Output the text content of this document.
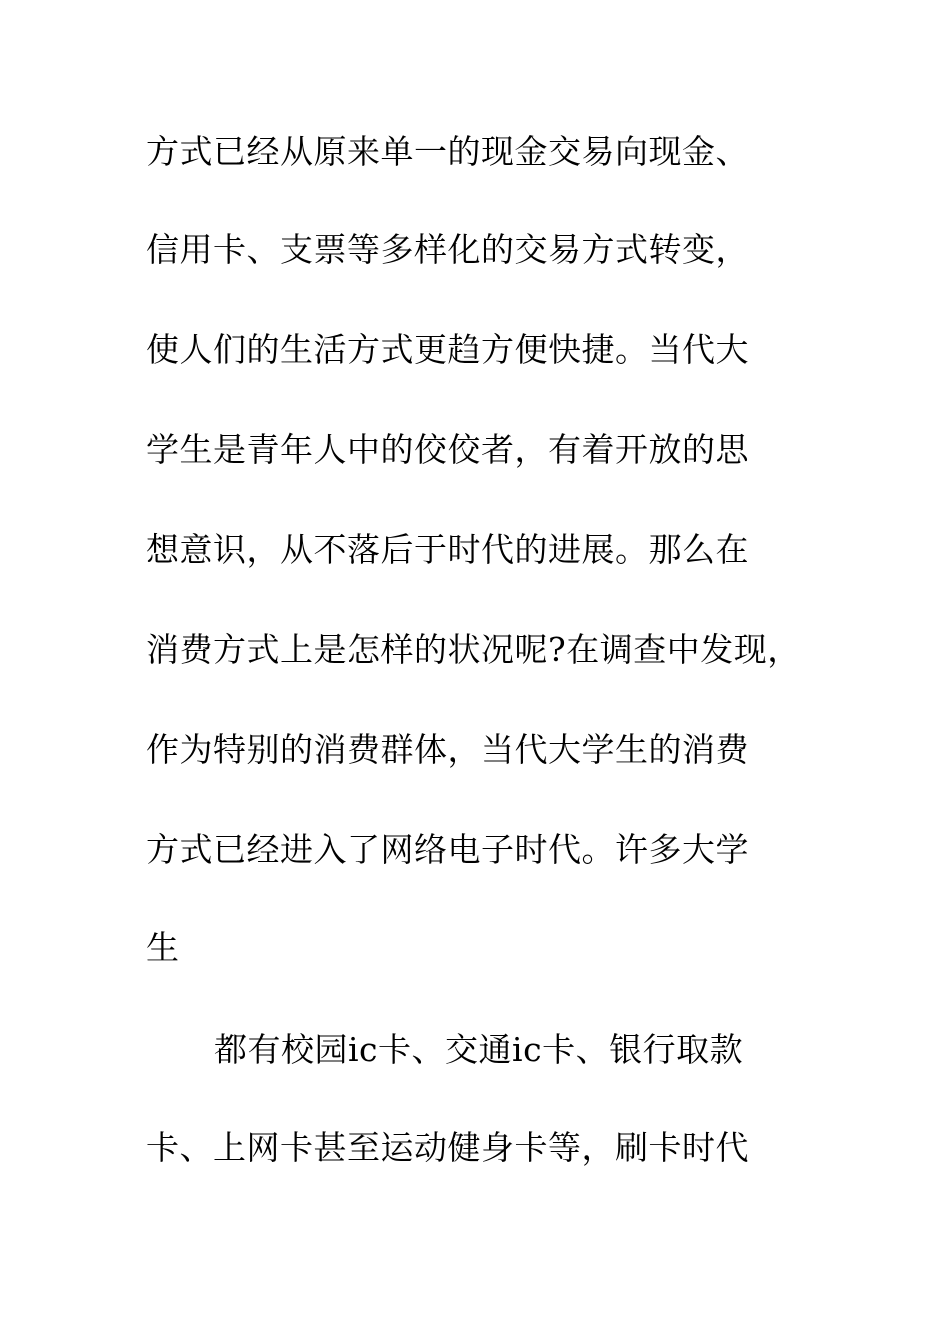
方式已经从原来单一的现金交易向现金、
信用卡、支票等多样化的交易方式转变，
使人们的生活方式更趋方便快捷。当代大
学生是青年人中的佼佼者，有着开放的思
想意识，从不落后于时代的进展。那么在
消费方式上是怎样的状况呢?在调查中发现，
作为特别的消费群体，当代大学生的消费
方式已经进入了网络电子时代。许多大学
生
都有校园ic卡、交通ic卡、银行取款
卡、上网卡甚至运动健身卡等，刷卡时代
